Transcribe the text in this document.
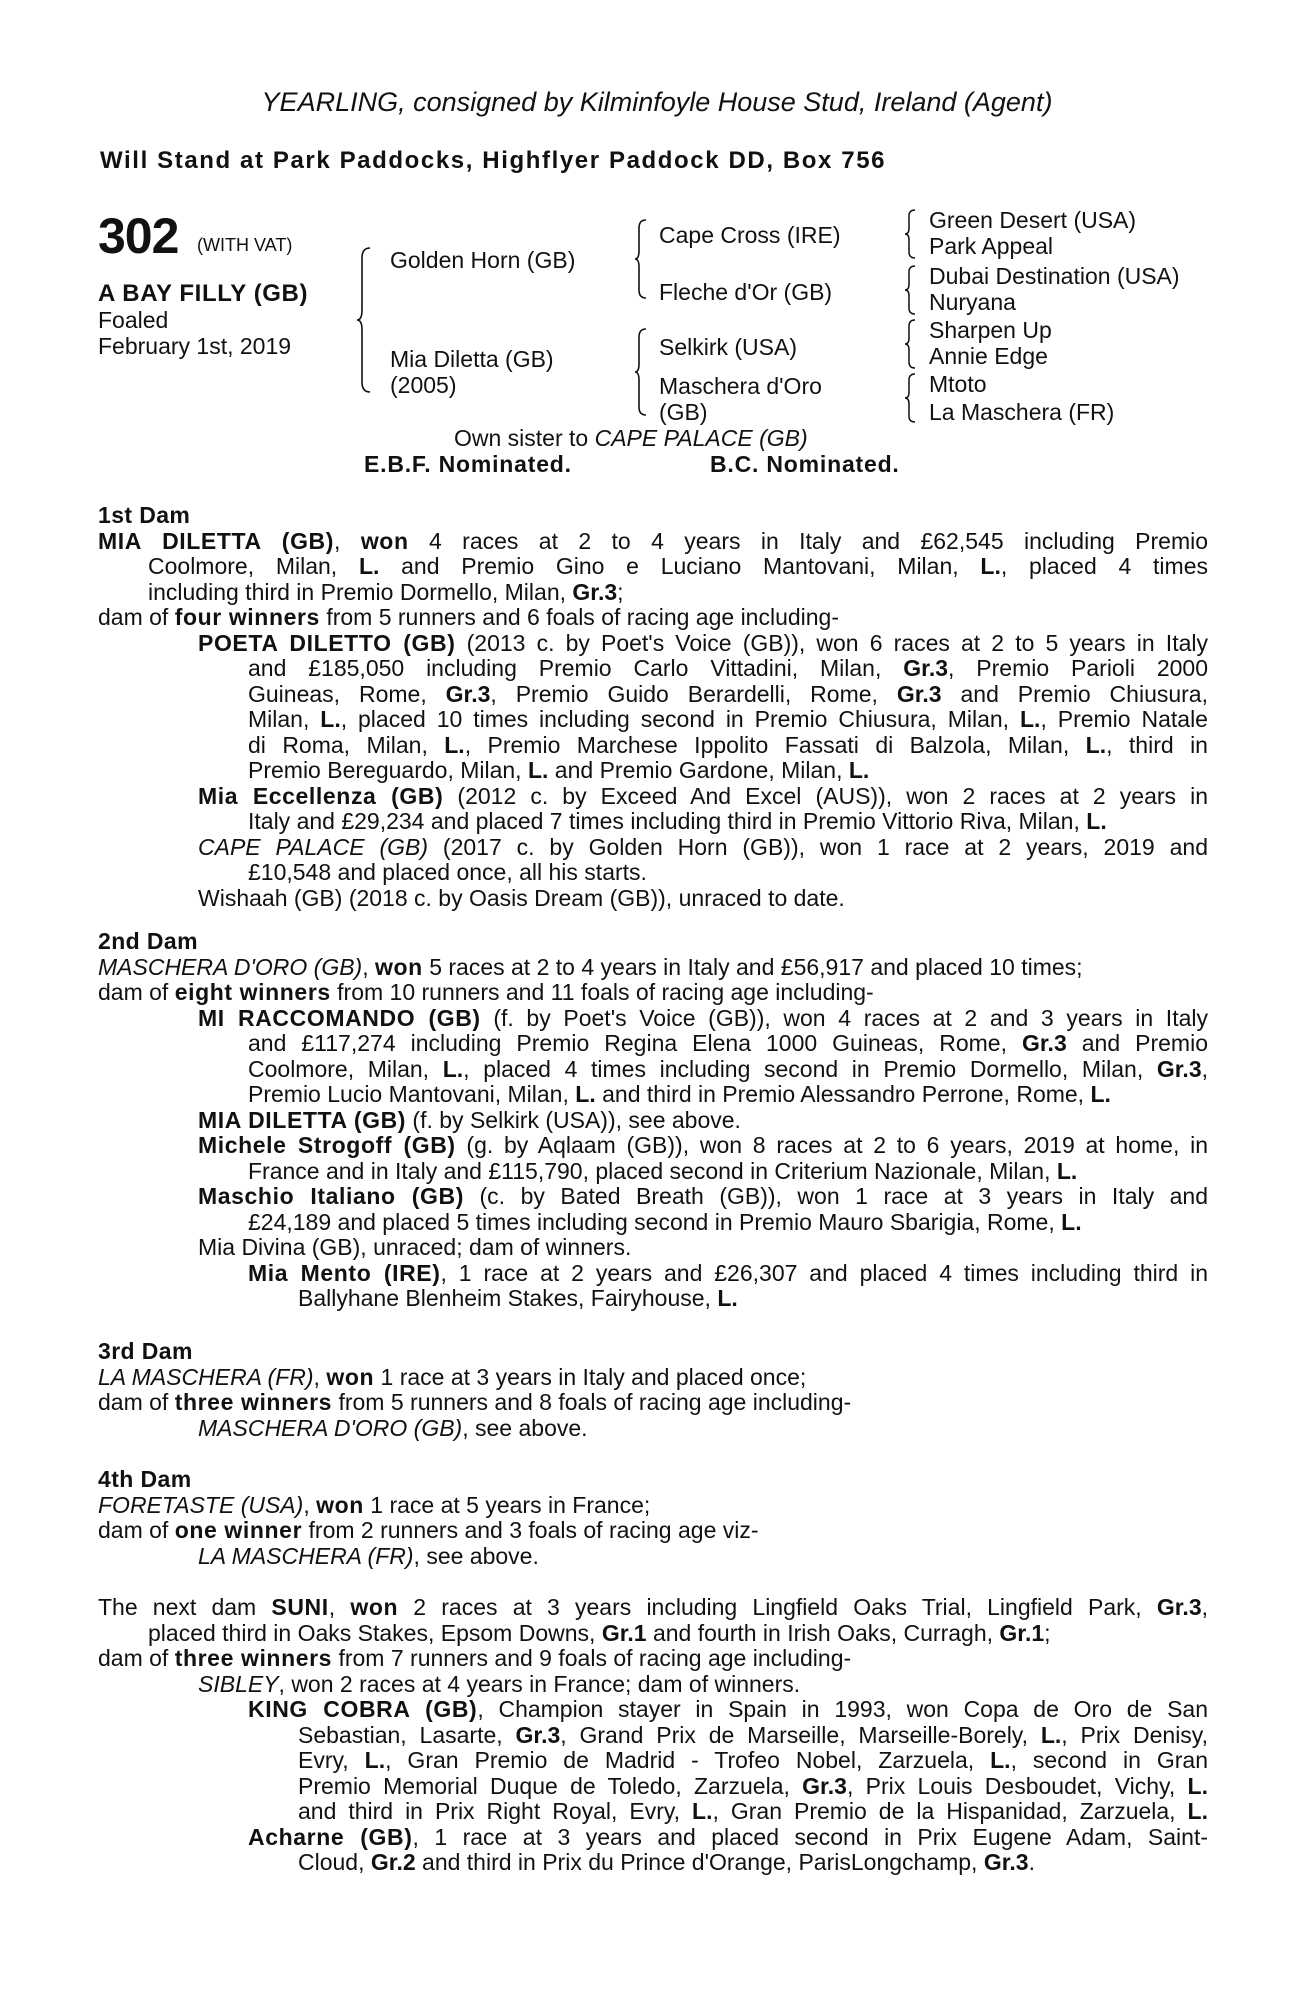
YEARLING, consigned by Kilminfoyle House Stud, Ireland (Agent)
Will Stand at Park Paddocks, Highflyer Paddock DD, Box 756
302 (WITH VAT)
A BAY FILLY (GB)
Foaled
February 1st, 2019
Golden Horn (GB)
Mia Diletta (GB)
(2005)
Cape Cross (IRE)
Fleche d'Or (GB)
Selkirk (USA)
Maschera d'Oro
(GB)
Green Desert (USA)
Park Appeal
Dubai Destination (USA)
Nuryana
Sharpen Up
Annie Edge
Mtoto
La Maschera (FR)
Own sister to CAPE PALACE (GB)
E.B.F. Nominated.	B.C. Nominated.

1st Dam

MIA DILETTA (GB), won 4 races at 2 to 4 years in Italy and £62,545 including Premio

Coolmore, Milan, L. and Premio Gino e Luciano Mantovani, Milan, L., placed 4 times

including third in Premio Dormello, Milan, Gr.3;

dam of four winners from 5 runners and 6 foals of racing age including-

POETA DILETTO (GB) (2013 c. by Poet's Voice (GB)), won 6 races at 2 to 5 years in Italy

and £185,050 including Premio Carlo Vittadini, Milan, Gr.3, Premio Parioli 2000

Guineas, Rome, Gr.3, Premio Guido Berardelli, Rome, Gr.3 and Premio Chiusura,

Milan, L., placed 10 times including second in Premio Chiusura, Milan, L., Premio Natale

di Roma, Milan, L., Premio Marchese Ippolito Fassati di Balzola, Milan, L., third in

Premio Bereguardo, Milan, L. and Premio Gardone, Milan, L.

Mia Eccellenza (GB) (2012 c. by Exceed And Excel (AUS)), won 2 races at 2 years in

Italy and £29,234 and placed 7 times including third in Premio Vittorio Riva, Milan, L.

CAPE PALACE (GB) (2017 c. by Golden Horn (GB)), won 1 race at 2 years, 2019 and

£10,548 and placed once, all his starts.

Wishaah (GB) (2018 c. by Oasis Dream (GB)), unraced to date.

2nd Dam

MASCHERA D'ORO (GB), won 5 races at 2 to 4 years in Italy and £56,917 and placed 10 times;

dam of eight winners from 10 runners and 11 foals of racing age including-

MI RACCOMANDO (GB) (f. by Poet's Voice (GB)), won 4 races at 2 and 3 years in Italy

and £117,274 including Premio Regina Elena 1000 Guineas, Rome, Gr.3 and Premio

Coolmore, Milan, L., placed 4 times including second in Premio Dormello, Milan, Gr.3,

Premio Lucio Mantovani, Milan, L. and third in Premio Alessandro Perrone, Rome, L.

MIA DILETTA (GB) (f. by Selkirk (USA)), see above.

Michele Strogoff (GB) (g. by Aqlaam (GB)), won 8 races at 2 to 6 years, 2019 at home, in

France and in Italy and £115,790, placed second in Criterium Nazionale, Milan, L.

Maschio Italiano (GB) (c. by Bated Breath (GB)), won 1 race at 3 years in Italy and

£24,189 and placed 5 times including second in Premio Mauro Sbarigia, Rome, L.

Mia Divina (GB), unraced; dam of winners.

Mia Mento (IRE), 1 race at 2 years and £26,307 and placed 4 times including third in

Ballyhane Blenheim Stakes, Fairyhouse, L.

3rd Dam

LA MASCHERA (FR), won 1 race at 3 years in Italy and placed once;

dam of three winners from 5 runners and 8 foals of racing age including-

MASCHERA D'ORO (GB), see above.

4th Dam

FORETASTE (USA), won 1 race at 5 years in France;

dam of one winner from 2 runners and 3 foals of racing age viz-

LA MASCHERA (FR), see above.

The next dam SUNI, won 2 races at 3 years including Lingfield Oaks Trial, Lingfield Park, Gr.3,

placed third in Oaks Stakes, Epsom Downs, Gr.1 and fourth in Irish Oaks, Curragh, Gr.1;

dam of three winners from 7 runners and 9 foals of racing age including-

SIBLEY, won 2 races at 4 years in France; dam of winners.

KING COBRA (GB), Champion stayer in Spain in 1993, won Copa de Oro de San

Sebastian, Lasarte, Gr.3, Grand Prix de Marseille, Marseille-Borely, L., Prix Denisy,

Evry, L., Gran Premio de Madrid - Trofeo Nobel, Zarzuela, L., second in Gran

Premio Memorial Duque de Toledo, Zarzuela, Gr.3, Prix Louis Desboudet, Vichy, L.

and third in Prix Right Royal, Evry, L., Gran Premio de la Hispanidad, Zarzuela, L.

Acharne (GB), 1 race at 3 years and placed second in Prix Eugene Adam, Saint-

Cloud, Gr.2 and third in Prix du Prince d'Orange, ParisLongchamp, Gr.3.
